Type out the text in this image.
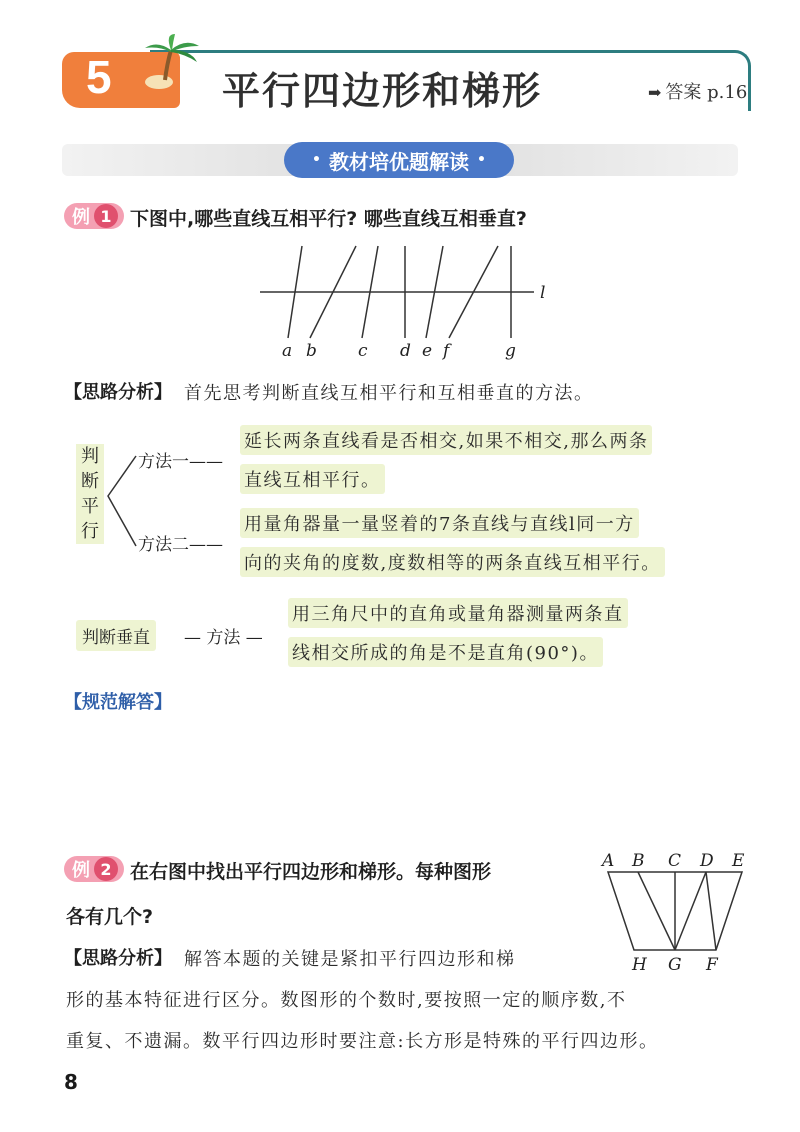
5	平行四边形和梯形	➡ 答案 p.16
• 教材培优题解读 •
例 1 下图中,哪些直线互相平行? 哪些直线互相垂直?
a b c d e f	g
l
【思路分析】 首先思考判断直线互相平行和互相垂直的方法。
判断平行
方法一——
延长两条直线看是否相交,如果不相交,那么两条
直线互相平行。
方法二——
用量角器量一量竖着的7条直线与直线l同一方
向的夹角的度数,度数相等的两条直线互相平行。
判断垂直	— 方法 —
用三角尺中的直角或量角器测量两条直
线相交所成的角是不是直角(90°)。
【规范解答】
例 2 在右图中找出平行四边形和梯形。每种图形
各有几个?
A B C D E
H G F
【思路分析】 解答本题的关键是紧扣平行四边形和梯
形的基本特征进行区分。数图形的个数时,要按照一定的顺序数,不
重复、不遗漏。数平行四边形时要注意:长方形是特殊的平行四边形。
8
